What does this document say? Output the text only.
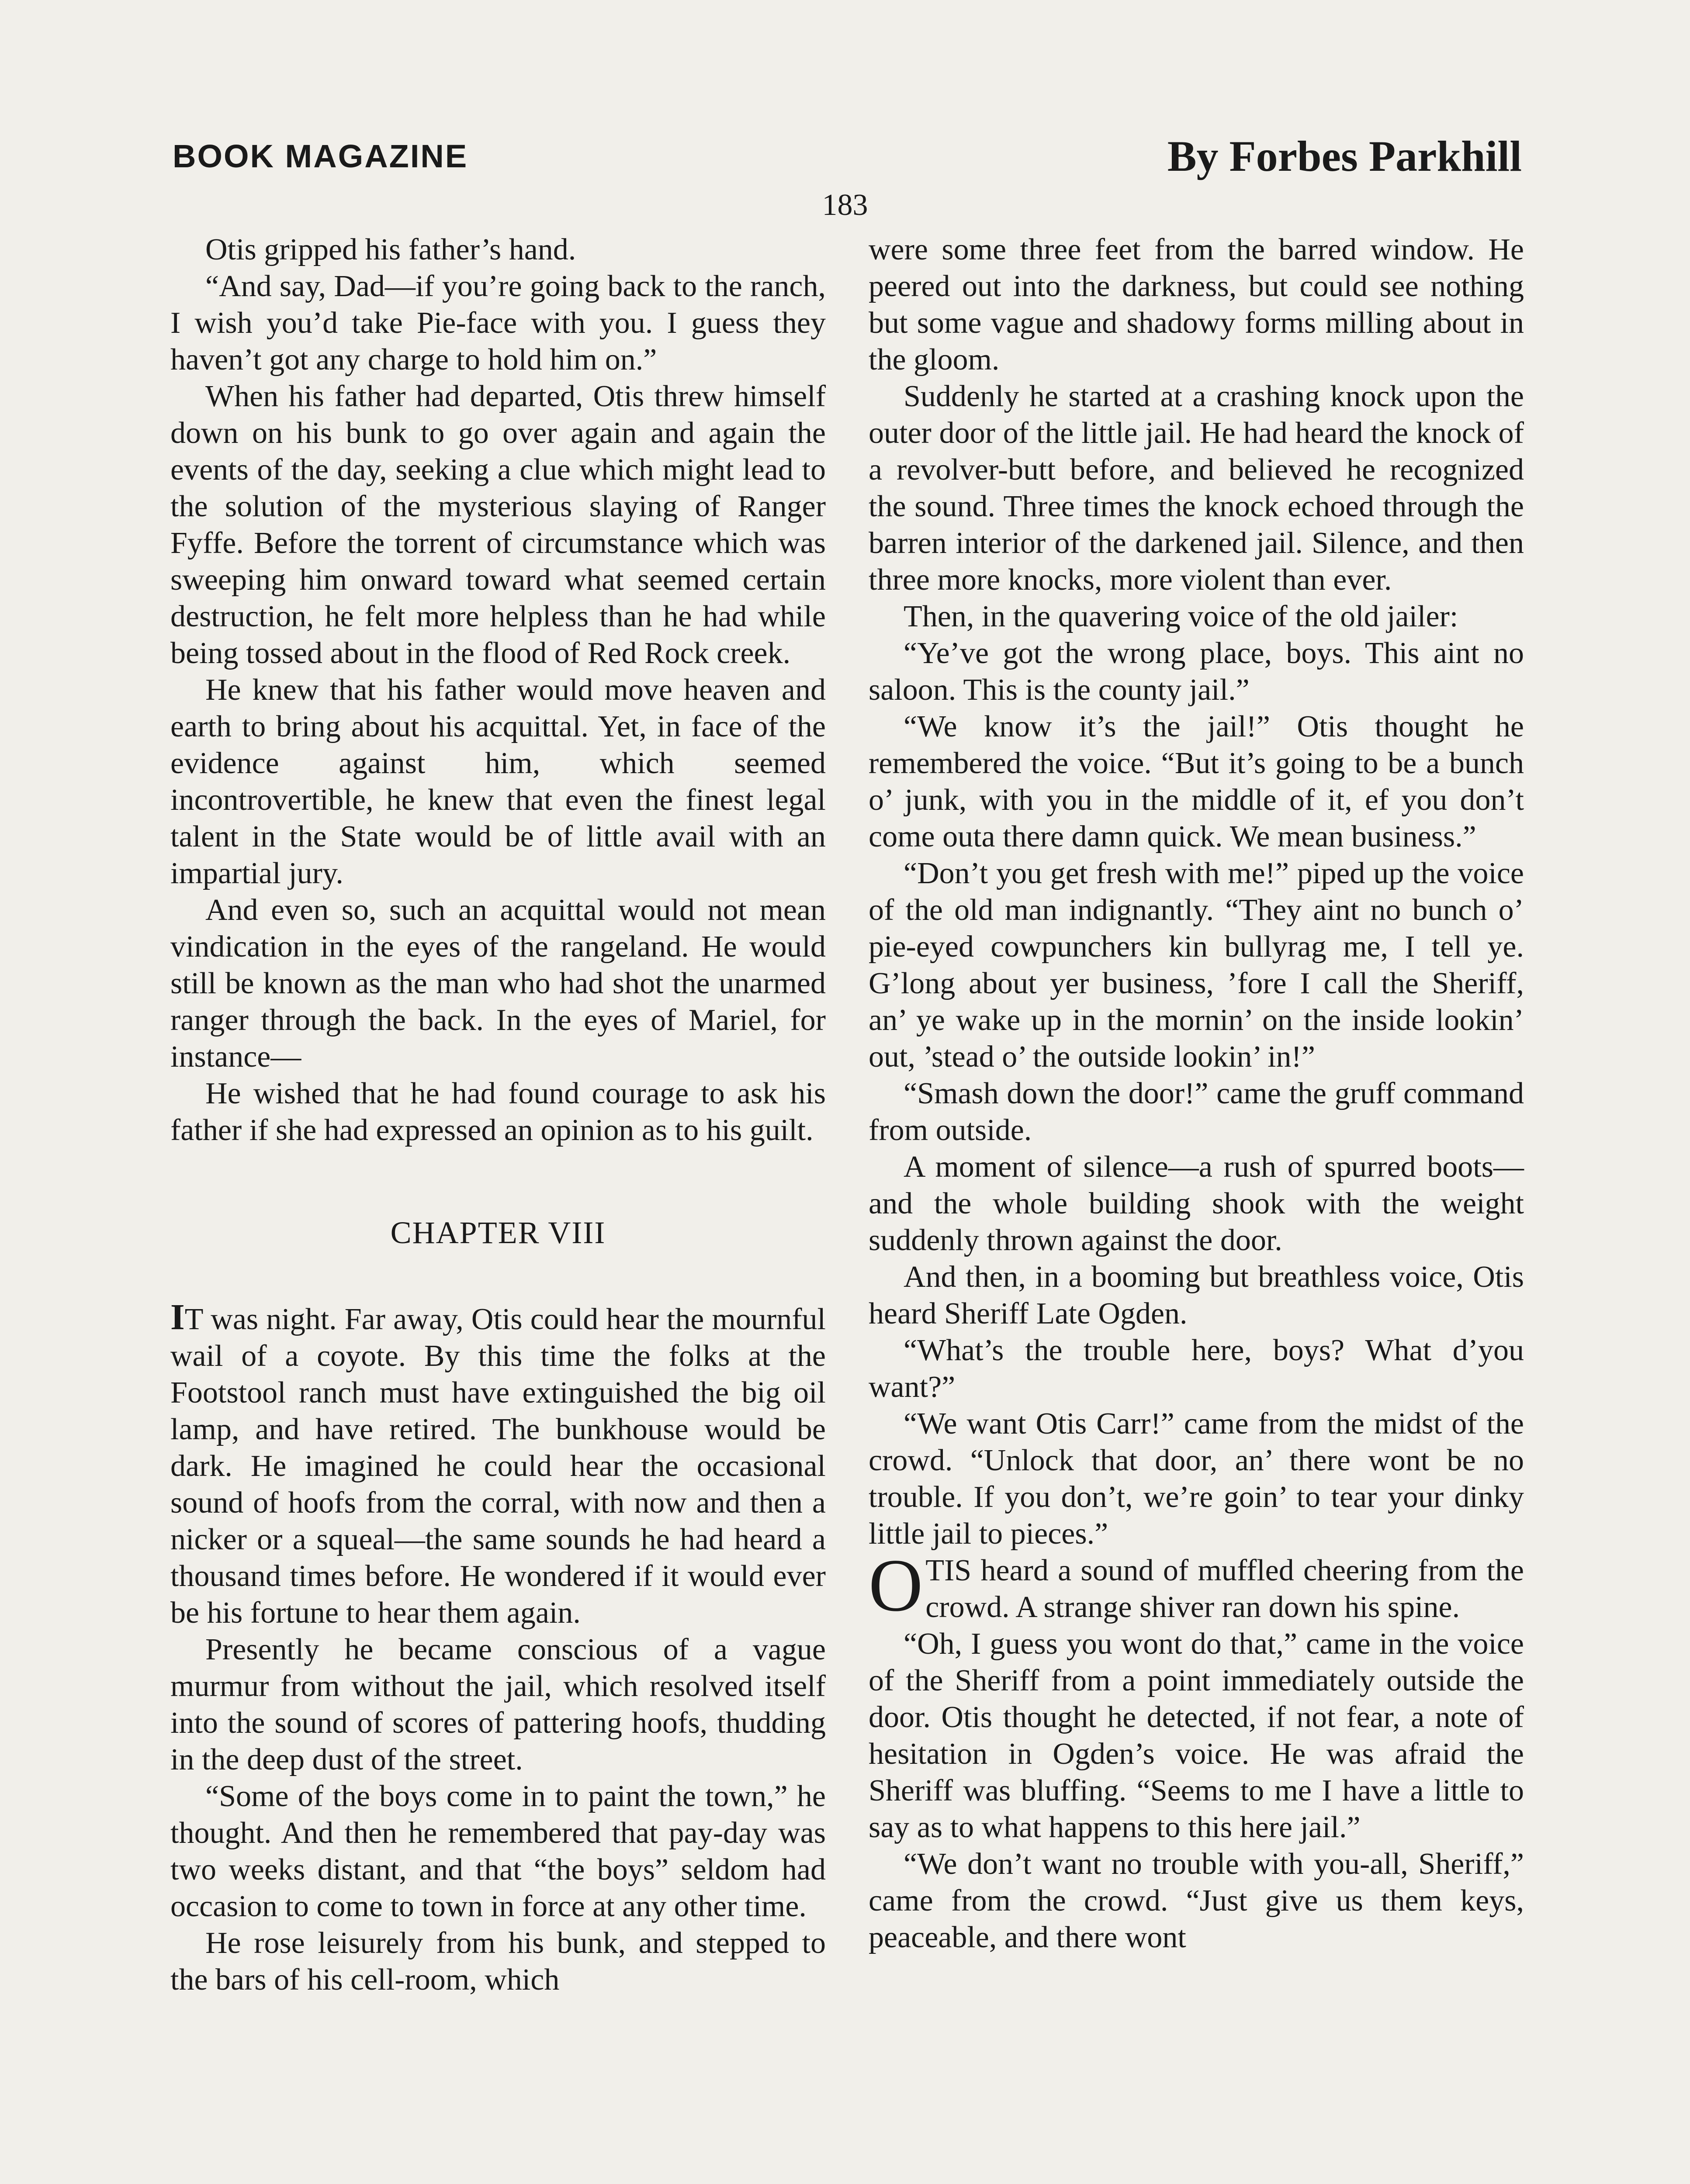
BOOK MAGAZINE	By Forbes Parkhill
183

Otis gripped his father’s hand.

“And say, Dad—if you’re going back to the ranch, I wish you’d take Pie-face with you. I guess they haven’t got any charge to hold him on.”

When his father had departed, Otis threw himself down on his bunk to go over again and again the events of the day, seeking a clue which might lead to the solution of the mysterious slaying of Ranger Fyffe. Before the torrent of circumstance which was sweeping him onward toward what seemed certain destruction, he felt more helpless than he had while being tossed about in the flood of Red Rock creek.

He knew that his father would move heaven and earth to bring about his acquittal. Yet, in face of the evidence against him, which seemed incontrovertible, he knew that even the finest legal talent in the State would be of little avail with an impartial jury.

And even so, such an acquittal would not mean vindication in the eyes of the rangeland. He would still be known as the man who had shot the unarmed ranger through the back. In the eyes of Mariel, for instance—

He wished that he had found courage to ask his father if she had expressed an opinion as to his guilt.

CHAPTER VIII

IT was night. Far away, Otis could hear the mournful wail of a coyote. By this time the folks at the Footstool ranch must have extinguished the big oil lamp, and have retired. The bunkhouse would be dark. He imagined he could hear the occasional sound of hoofs from the corral, with now and then a nicker or a squeal—the same sounds he had heard a thousand times before. He wondered if it would ever be his fortune to hear them again.

Presently he became conscious of a vague murmur from without the jail, which resolved itself into the sound of scores of pattering hoofs, thudding in the deep dust of the street.

“Some of the boys come in to paint the town,” he thought. And then he remembered that pay-day was two weeks distant, and that “the boys” seldom had occasion to come to town in force at any other time.

He rose leisurely from his bunk, and stepped to the bars of his cell-room, which

were some three feet from the barred window. He peered out into the darkness, but could see nothing but some vague and shadowy forms milling about in the gloom.

Suddenly he started at a crashing knock upon the outer door of the little jail. He had heard the knock of a revolver-butt before, and believed he recognized the sound. Three times the knock echoed through the barren interior of the darkened jail. Silence, and then three more knocks, more violent than ever.

Then, in the quavering voice of the old jailer:

“Ye’ve got the wrong place, boys. This aint no saloon. This is the county jail.”

“We know it’s the jail!” Otis thought he remembered the voice. “But it’s going to be a bunch o’ junk, with you in the middle of it, ef you don’t come outa there damn quick. We mean business.”

“Don’t you get fresh with me!” piped up the voice of the old man indignantly. “They aint no bunch o’ pie-eyed cowpunchers kin bullyrag me, I tell ye. G’long about yer business, ’fore I call the Sheriff, an’ ye wake up in the mornin’ on the inside lookin’ out, ’stead o’ the outside lookin’ in!”

“Smash down the door!” came the gruff command from outside.

A moment of silence—a rush of spurred boots—and the whole building shook with the weight suddenly thrown against the door.

And then, in a booming but breathless voice, Otis heard Sheriff Late Ogden.

“What’s the trouble here, boys? What d’you want?”

“We want Otis Carr!” came from the midst of the crowd. “Unlock that door, an’ there wont be no trouble. If you don’t, we’re goin’ to tear your dinky little jail to pieces.”

OTIS heard a sound of muffled cheering from the crowd. A strange shiver ran down his spine.

“Oh, I guess you wont do that,” came in the voice of the Sheriff from a point immediately outside the door. Otis thought he detected, if not fear, a note of hesitation in Ogden’s voice. He was afraid the Sheriff was bluffing. “Seems to me I have a little to say as to what happens to this here jail.”

“We don’t want no trouble with you-all, Sheriff,” came from the crowd. “Just give us them keys, peaceable, and there wont
